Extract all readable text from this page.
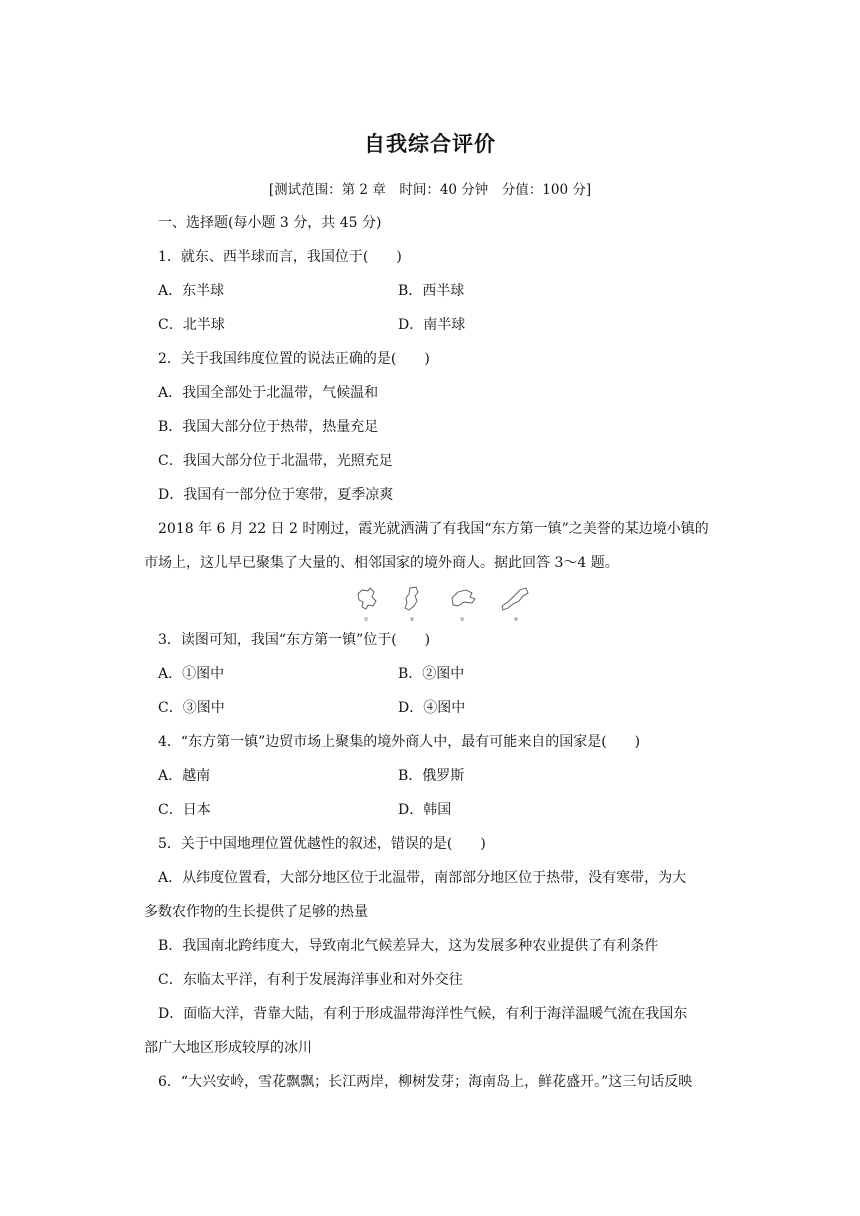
自我综合评价
[测试范围：第 2 章　时间：40 分钟　分值：100 分]
一、选择题(每小题 3 分，共 45 分)
1．就东、西半球而言，我国位于(　　)
A．东半球	B．西半球
C．北半球	D．南半球
2．关于我国纬度位置的说法正确的是(　　)
A．我国全部处于北温带，气候温和
B．我国大部分位于热带，热量充足
C．我国大部分位于北温带，光照充足
D．我国有一部分位于寒带，夏季凉爽
2018 年 6 月 22 日 2 时刚过，霞光就洒满了有我国“东方第一镇”之美誉的某边境小镇的
市场上，这儿早已聚集了大量的、相邻国家的境外商人。据此回答 3～4 题。
①	②	③	④
3．读图可知，我国“东方第一镇”位于(　　)
A．①图中	B．②图中
C．③图中	D．④图中
4．“东方第一镇”边贸市场上聚集的境外商人中，最有可能来自的国家是(　　)
A．越南	B．俄罗斯
C．日本	D．韩国
5．关于中国地理位置优越性的叙述，错误的是(　　)
A．从纬度位置看，大部分地区位于北温带，南部部分地区位于热带，没有寒带，为大
多数农作物的生长提供了足够的热量
B．我国南北跨纬度大，导致南北气候差异大，这为发展多种农业提供了有利条件
C．东临太平洋，有利于发展海洋事业和对外交往
D．面临大洋，背靠大陆，有利于形成温带海洋性气候，有利于海洋温暖气流在我国东
部广大地区形成较厚的冰川
6．“大兴安岭，雪花飘飘；长江两岸，柳树发芽；海南岛上，鲜花盛开。”这三句话反映
